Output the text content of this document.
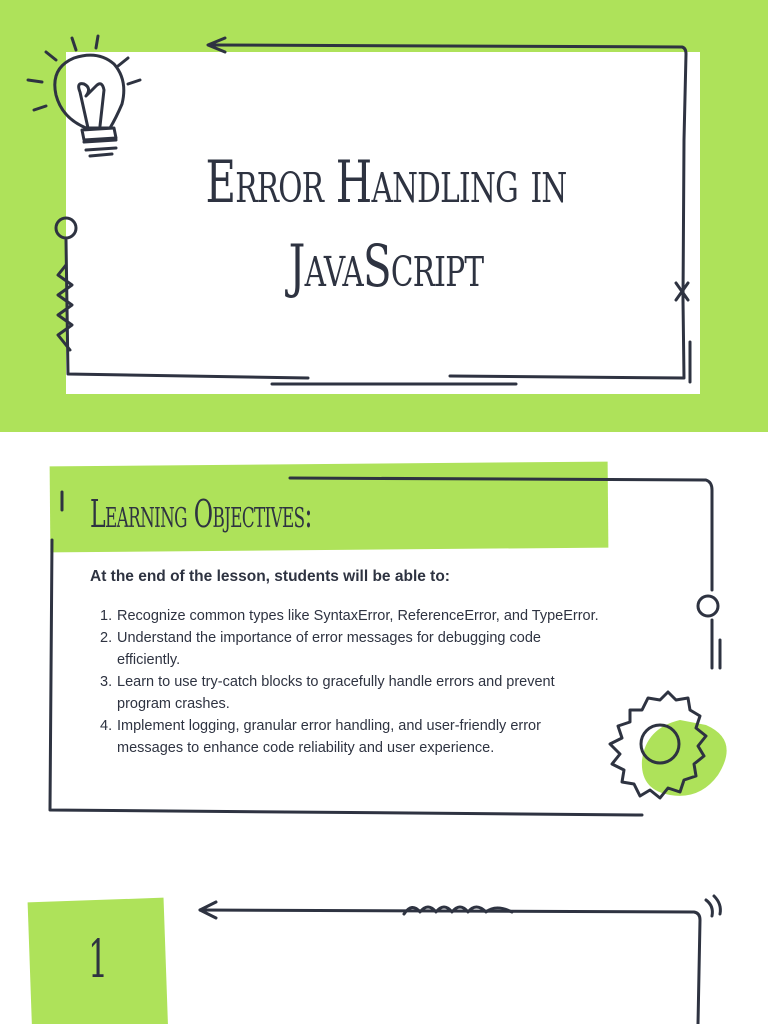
Error Handling in
JavaScript
Learning Objectives:
At the end of the lesson, students will be able to:
1. Recognize common types like SyntaxError, ReferenceError, and TypeError.
2. Understand the importance of error messages for debugging code efficiently.
3. Learn to use try-catch blocks to gracefully handle errors and prevent program crashes.
4. Implement logging, granular error handling, and user-friendly error messages to enhance code reliability and user experience.
1
